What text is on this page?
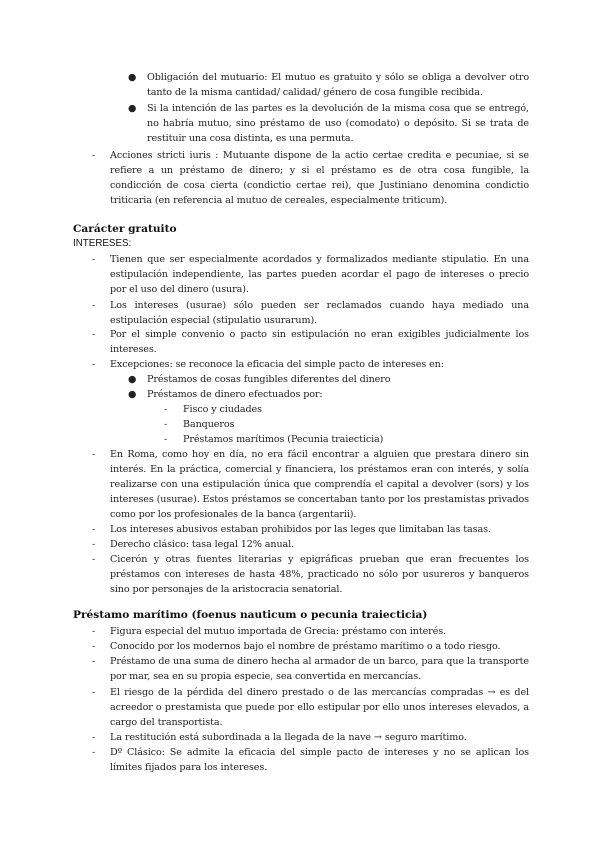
● Obligación del mutuario: El mutuo es gratuito y sólo se obliga a devolver otro tanto de la misma cantidad/ calidad/ género de cosa fungible recibida.
● Si la intención de las partes es la devolución de la misma cosa que se entregó, no habría mutuo, sino préstamo de uso (comodato) o depósito. Si se trata de restituir una cosa distinta, es una permuta.
- Acciones stricti iuris : Mutuante dispone de la actio certae credita e pecuniae, si se refiere a un préstamo de dinero; y si el préstamo es de otra cosa fungible, la condicción de cosa cierta (condictio certae rei), que Justiniano denomina condictio triticaria (en referencia al mutuo de cereales, especialmente triticum).
Carácter gratuito
INTERESES:
- Tienen que ser especialmente acordados y formalizados mediante stipulatio. En una estipulación independiente, las partes pueden acordar el pago de intereses o precio por el uso del dinero (usura).
- Los intereses (usurae) sólo pueden ser reclamados cuando haya mediado una estipulación especial (stipulatio usurarum).
- Por el simple convenio o pacto sin estipulación no eran exigibles judicialmente los intereses.
- Excepciones: se reconoce la eficacia del simple pacto de intereses en:
● Préstamos de cosas fungibles diferentes del dinero
● Préstamos de dinero efectuados por:
- Fisco y ciudades
- Banqueros
- Préstamos marítimos (Pecunia traiecticia)
- En Roma, como hoy en día, no era fácil encontrar a alguien que prestara dinero sin interés. En la práctica, comercial y financiera, los préstamos eran con interés, y solía realizarse con una estipulación única que comprendía el capital a devolver (sors) y los intereses (usurae). Estos préstamos se concertaban tanto por los prestamistas privados como por los profesionales de la banca (argentarii).
- Los intereses abusivos estaban prohibidos por las leges que limitaban las tasas.
- Derecho clásico: tasa legal 12% anual.
- Cicerón y otras fuentes literarias y epigráficas prueban que eran frecuentes los préstamos con intereses de hasta 48%, practicado no sólo por usureros y banqueros sino por personajes de la aristocracia senatorial.
Préstamo marítimo (foenus nauticum o pecunia traiecticia)
- Figura especial del mutuo importada de Grecia: préstamo con interés.
- Conocido por los modernos bajo el nombre de préstamo marítimo o a todo riesgo.
- Préstamo de una suma de dinero hecha al armador de un barco, para que la transporte por mar, sea en su propia especie, sea convertida en mercancías.
- El riesgo de la pérdida del dinero prestado o de las mercancías compradas → es del acreedor o prestamista que puede por ello estipular por ello unos intereses elevados, a cargo del transportista.
- La restitución está subordinada a la llegada de la nave → seguro marítimo.
- Dº Clásico: Se admite la eficacia del simple pacto de intereses y no se aplican los límites fijados para los intereses.
